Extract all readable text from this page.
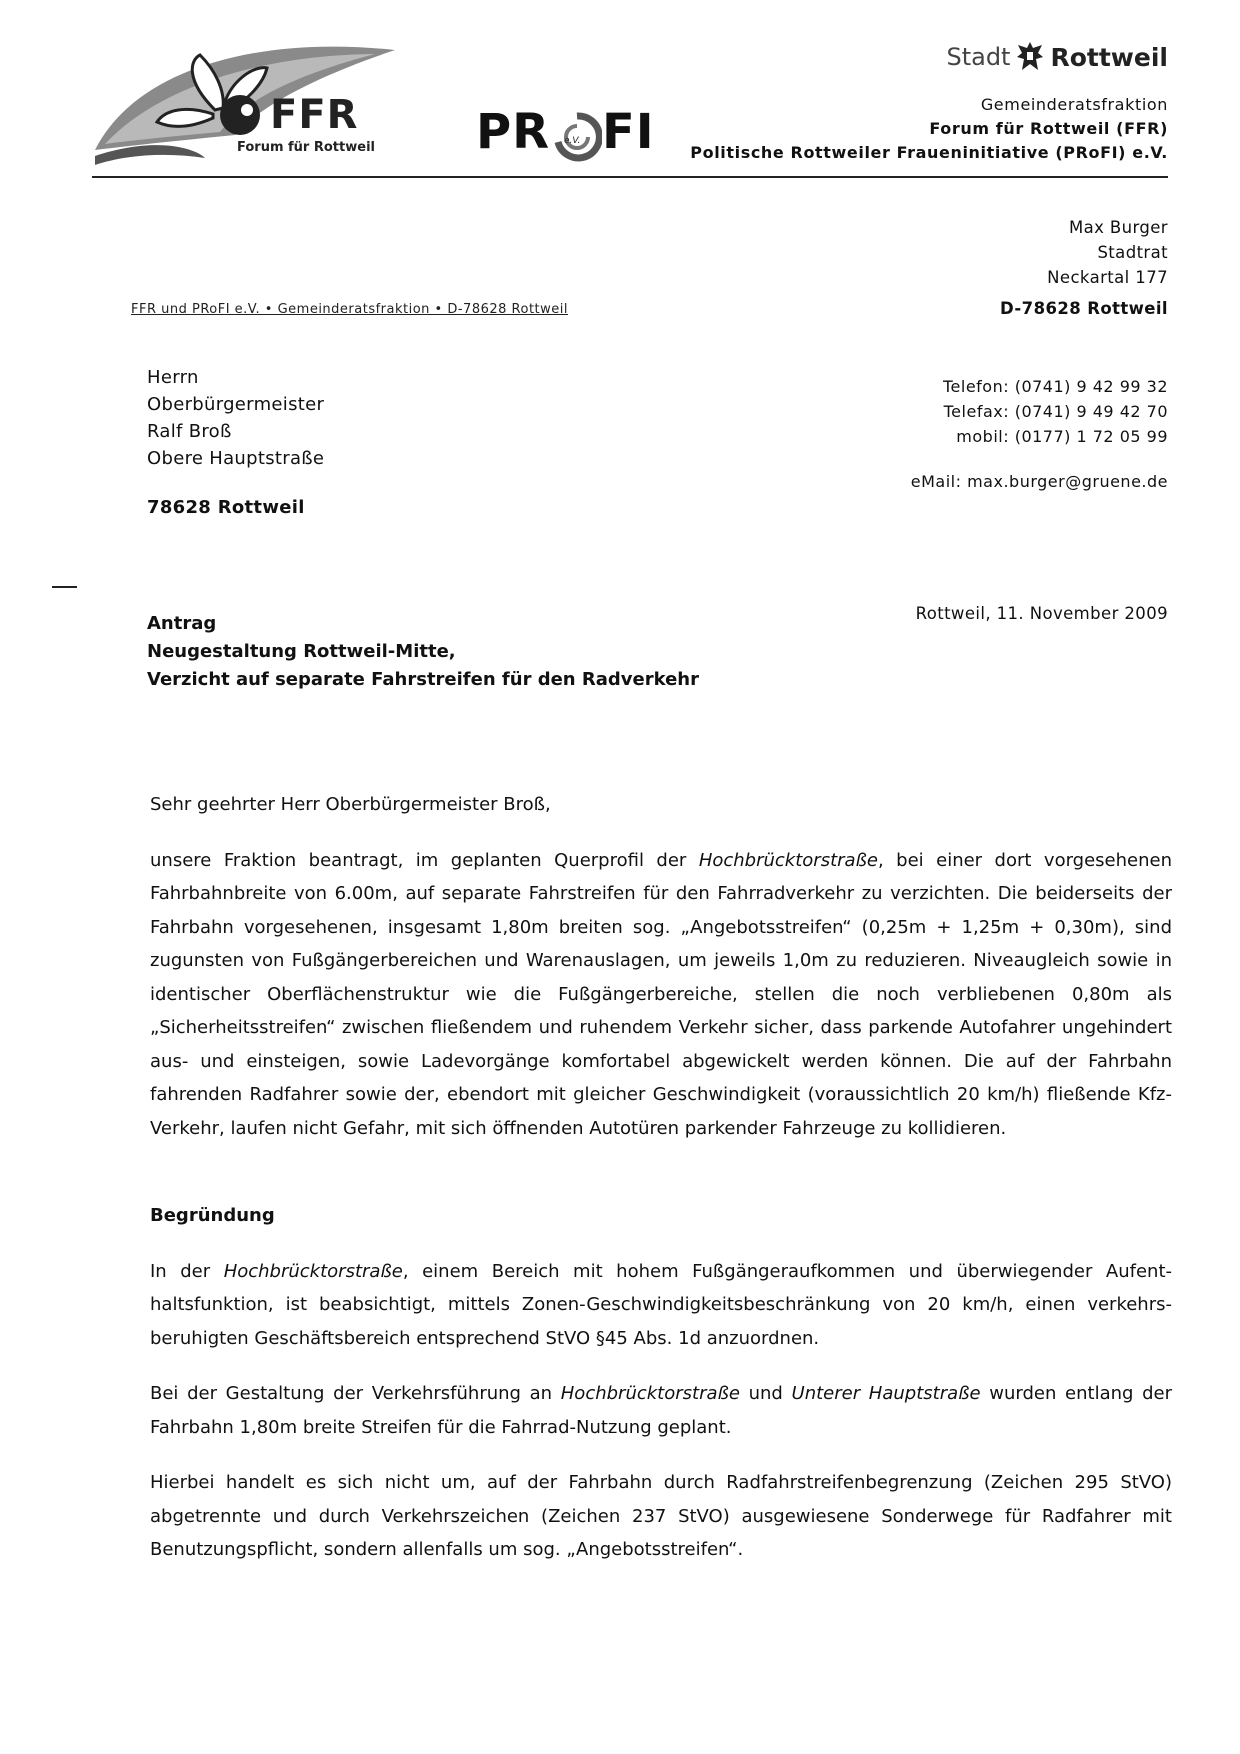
FFR
Forum für Rottweil PR e.V. FI
Stadt Rottweil
Gemeinderatsfraktion
Forum für Rottweil (FFR)
Politische Rottweiler Fraueninitiative (PRoFI) e.V.
Max Burger
Stadtrat
Neckartal 177
D-78628 Rottweil
FFR und PRoFI e.V. • Gemeinderatsfraktion • D-78628 Rottweil
Herrn
Oberbürgermeister
Ralf Broß
Obere Hauptstraße
78628 Rottweil
Telefon: (0741) 9 42 99 32
Telefax: (0741) 9 49 42 70
mobil: (0177) 1 72 05 99
eMail: max.burger@gruene.de
Rottweil, 11. November 2009
Antrag
Neugestaltung Rottweil-Mitte,
Verzicht auf separate Fahrstreifen für den Radverkehr

Sehr geehrter Herr Oberbürgermeister Broß,

unsere Fraktion beantragt, im geplanten Querprofil der Hochbrücktorstraße, bei einer dort vorgesehenen Fahrbahnbreite von 6.00m, auf separate Fahrstreifen für den Fahrradverkehr zu verzichten. Die beiderseits der Fahrbahn vorgesehenen, insgesamt 1,80m breiten sog. „Angebotsstreifen“ (0,25m + 1,25m + 0,30m), sind zugunsten von Fußgängerbereichen und Warenauslagen, um jeweils 1,0m zu reduzieren. Niveaugleich sowie in identischer Oberflächenstruktur wie die Fußgängerbereiche, stellen die noch verbliebenen 0,80m als „Sicherheitsstreifen“ zwischen fließendem und ruhendem Verkehr sicher, dass parkende Autofahrer ungehindert aus- und einsteigen, sowie Ladevorgänge komfortabel abgewickelt werden können. Die auf der Fahrbahn fahrenden Radfahrer sowie der, ebendort mit gleicher Geschwindigkeit (voraussichtlich 20 km/h) fließende Kfz-Verkehr, laufen nicht Gefahr, mit sich öffnenden Autotüren parkender Fahrzeuge zu kollidieren.

Begründung

In der Hochbrücktorstraße, einem Bereich mit hohem Fußgängeraufkommen und überwiegender Aufenthaltsfunktion, ist beabsichtigt, mittels Zonen-Geschwindigkeitsbeschränkung von 20 km/h, einen verkehrsberuhigten Geschäftsbereich entsprechend StVO §45 Abs. 1d anzuordnen.

Bei der Gestaltung der Verkehrsführung an Hochbrücktorstraße und Unterer Hauptstraße wurden entlang der Fahrbahn 1,80m breite Streifen für die Fahrrad-Nutzung geplant.

Hierbei handelt es sich nicht um, auf der Fahrbahn durch Radfahrstreifenbegrenzung (Zeichen 295 StVO) abgetrennte und durch Verkehrszeichen (Zeichen 237 StVO) ausgewiesene Sonderwege für Radfahrer mit Benutzungspflicht, sondern allenfalls um sog. „Angebotsstreifen“.
